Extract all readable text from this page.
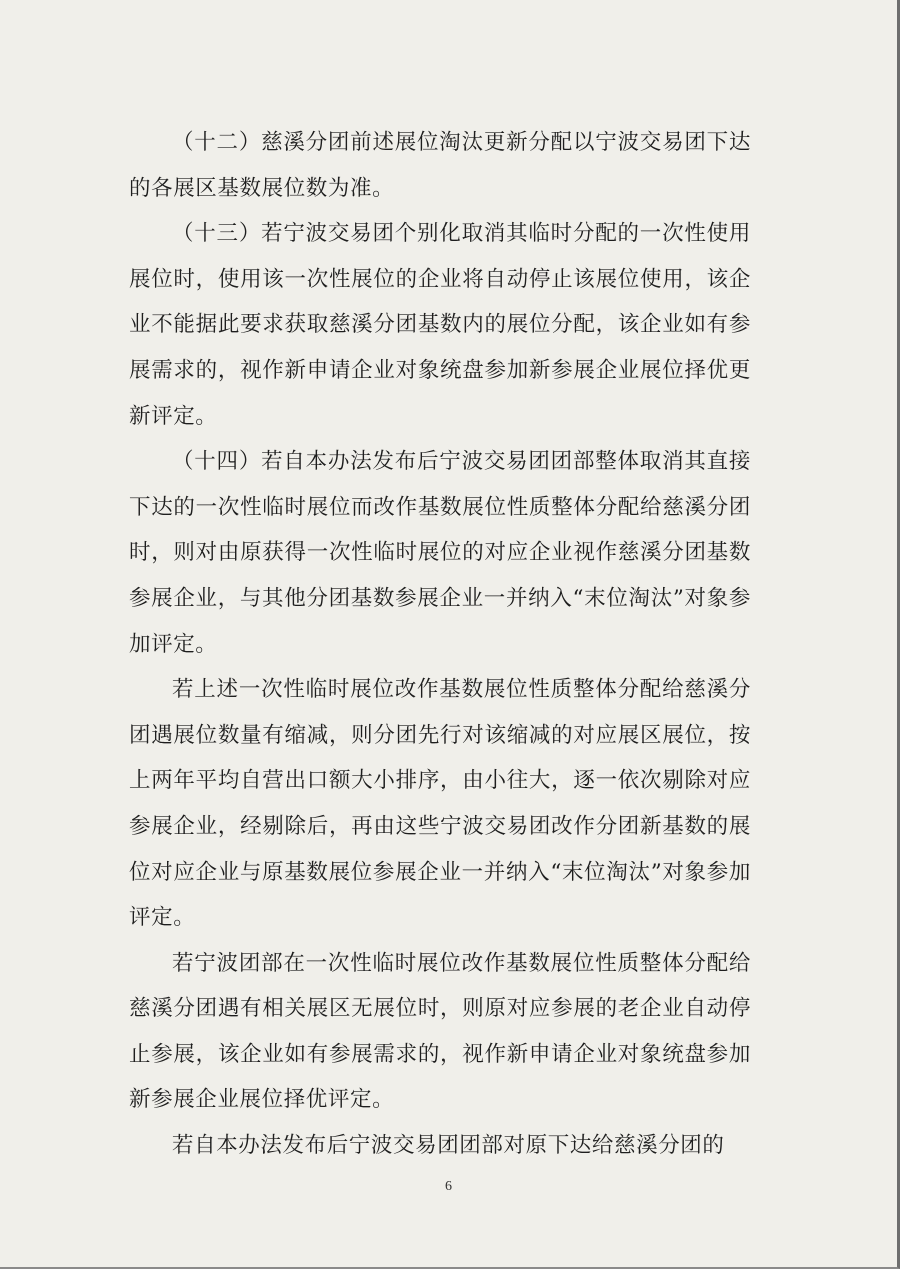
（十二）慈溪分团前述展位淘汰更新分配以宁波交易团下达的各展区基数展位数为准。

（十三）若宁波交易团个别化取消其临时分配的一次性使用展位时，使用该一次性展位的企业将自动停止该展位使用，该企业不能据此要求获取慈溪分团基数内的展位分配，该企业如有参展需求的，视作新申请企业对象统盘参加新参展企业展位择优更新评定。

（十四）若自本办法发布后宁波交易团团部整体取消其直接下达的一次性临时展位而改作基数展位性质整体分配给慈溪分团时，则对由原获得一次性临时展位的对应企业视作慈溪分团基数参展企业，与其他分团基数参展企业一并纳入“末位淘汰”对象参加评定。

若上述一次性临时展位改作基数展位性质整体分配给慈溪分团遇展位数量有缩减，则分团先行对该缩减的对应展区展位，按上两年平均自营出口额大小排序，由小往大，逐一依次剔除对应参展企业，经剔除后，再由这些宁波交易团改作分团新基数的展位对应企业与原基数展位参展企业一并纳入“末位淘汰”对象参加评定。

若宁波团部在一次性临时展位改作基数展位性质整体分配给慈溪分团遇有相关展区无展位时，则原对应参展的老企业自动停止参展，该企业如有参展需求的，视作新申请企业对象统盘参加新参展企业展位择优评定。

若自本办法发布后宁波交易团团部对原下达给慈溪分团的

6
